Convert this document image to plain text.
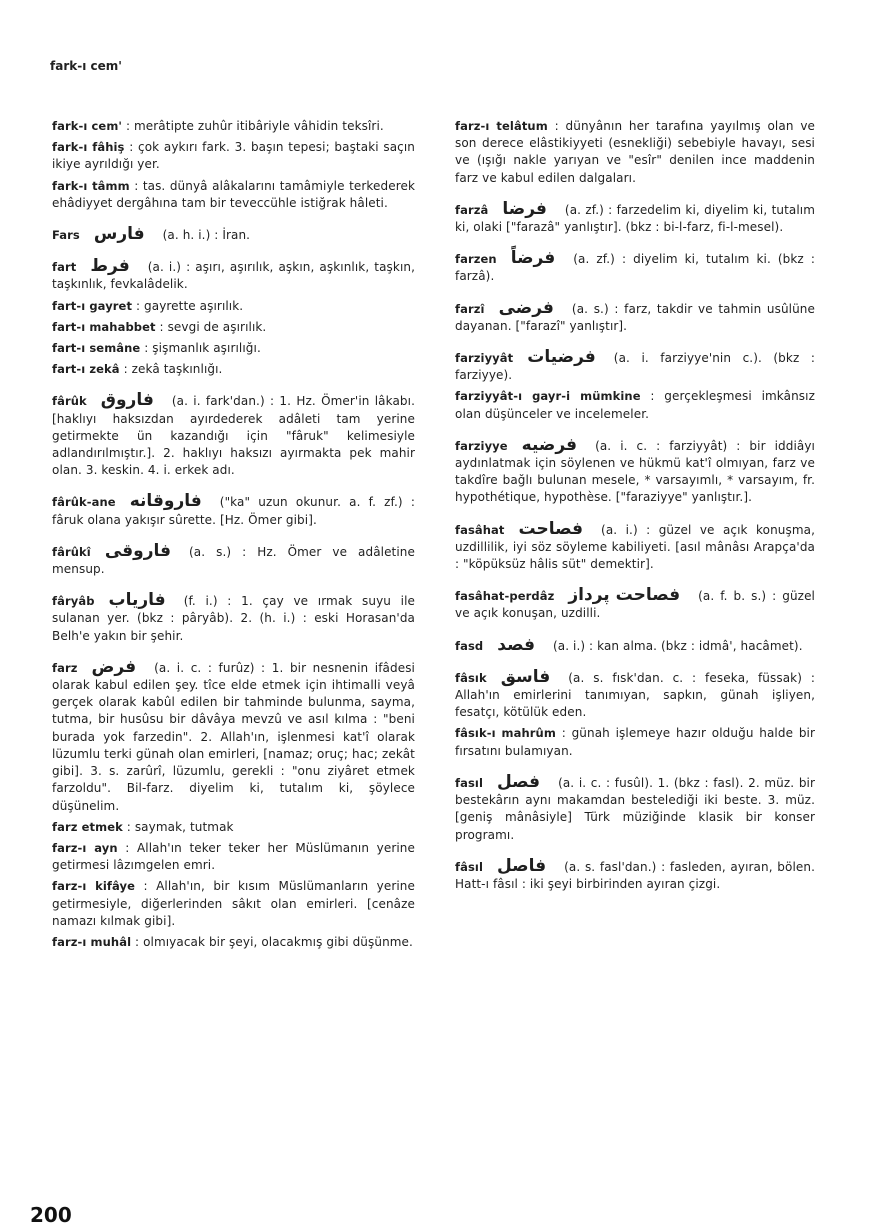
fark-ı cem'
fark-ı cem' : merâtipte zuhûr itibâriyle vâhidin teksîri.
fark-ı fâhiş : çok aykırı fark. 3. başın tepesi; baştaki saçın ikiye ayrıldığı yer.
fark-ı tâmm : tas. dünyâ alâkalarını tamâmiyle terkederek ehâdiyyet dergâhına tam bir teveccühle istiğrak hâleti.
Fars فارس (a. h. i.) : İran.
fart فرط (a. i.) : aşırı, aşırılık, aşkın, aşkınlık, taşkın, taşkınlık, fevkalâdelik.
fart-ı gayret : gayrette aşırılık.
fart-ı mahabbet : sevgi de aşırılık.
fart-ı semâne : şişmanlık aşırılığı.
fart-ı zekâ : zekâ taşkınlığı.
fârûk فاروق (a. i. fark'dan.) : 1. Hz. Ömer'in lâkabı. [haklıyı haksızdan ayırdederek adâleti tam yerine getirmekte ün kazandığı için "fâruk" kelimesiyle adlandırılmıştır.]. 2. haklıyı haksızı ayırmakta pek mahir olan. 3. keskin. 4. i. erkek adı.
fârûk-ane فاروقانه ("ka" uzun okunur. a. f. zf.) : fâruk olana yakışır sûrette. [Hz. Ömer gibi].
fârûkî فاروقى (a. s.) : Hz. Ömer ve adâletine mensup.
fâryâb فارياب (f. i.) : 1. çay ve ırmak suyu ile sulanan yer. (bkz : pâryâb). 2. (h. i.) : eski Horasan'da Belh'e yakın bir şehir.
farz فرض (a. i. c. : furûz) : 1. bir nesnenin ifâdesi olarak kabul edilen şey. tîce elde etmek için ihtimalli veyâ gerçek olarak kabûl edilen bir tahminde bulunma, sayma, tutma, bir husûsu bir dâvâya mevzû ve asıl kılma : "beni burada yok farzedin". 2. Allah'ın, işlenmesi kat'î olarak lüzumlu terki günah olan emirleri, [namaz; oruç; hac; zekât gibi]. 3. s. zarûrî, lüzumlu, gerekli : "onu ziyâret etmek farzoldu". Bil-farz. diyelim ki, tutalım ki, şöylece düşünelim.
farz etmek : saymak, tutmak
farz-ı ayn : Allah'ın teker teker her Müslümanın yerine getirmesi lâzımgelen emri.
farz-ı kifâye : Allah'ın, bir kısım Müslümanların yerine getirmesiyle, diğerlerinden sâkıt olan emirleri. [cenâze namazı kılmak gibi].
farz-ı muhâl : olmıyacak bir şeyi, olacakmış gibi düşünme.
farz-ı telâtum : dünyânın her tarafına yayılmış olan ve son derece elâstikiyyeti (esnekliği) sebebiyle havayı, sesi ve (ışığı nakle yarıyan ve "esîr" denilen ince maddenin farz ve kabul edilen dalgaları.
farzâ فرضا (a. zf.) : farzedelim ki, diyelim ki, tutalım ki, olaki ["farazâ" yanlıştır]. (bkz : bi-l-farz, fi-l-mesel).
farzen فرضاً (a. zf.) : diyelim ki, tutalım ki. (bkz : farzâ).
farzî فرضى (a. s.) : farz, takdir ve tahmin usûlüne dayanan. ["farazî" yanlıştır].
farziyyât فرضيات (a. i. farziyye'nin c.). (bkz : farziyye).
farziyyât-ı gayr-i mümkine : gerçekleşmesi imkânsız olan düşünceler ve incelemeler.
farziyye فرضيه (a. i. c. : farziyyât) : bir iddiâyı aydınlatmak için söylenen ve hükmü kat'î olmıyan, farz ve takdîre bağlı bulunan mesele, * varsayımlı, * varsayım, fr. hypothétique, hypothèse. ["faraziyye" yanlıştır.].
fasâhat فصاحت (a. i.) : güzel ve açık konuşma, uzdillilik, iyi söz söyleme kabiliyeti. [asıl mânâsı Arapça'da : "köpüksüz hâlis süt" demektir].
fasâhat-perdâz فصاحت پرداز (a. f. b. s.) : güzel ve açık konuşan, uzdilli.
fasd فصد (a. i.) : kan alma. (bkz : idmâ', hacâmet).
fâsık فاسق (a. s. fısk'dan. c. : fesekа, füssak) : Allah'ın emirlerini tanımıyan, sapkın, günah işliyen, fesatçı, kötülük eden.
fâsık-ı mahrûm : günah işlemeye hazır olduğu halde bir fırsatını bulamıyan.
fasıl فصل (a. i. c. : fusûl). 1. (bkz : fasl). 2. müz. bir bestekârın aynı makamdan bestelediği iki beste. 3. müz. [geniş mânâsiyle] Türk müziğinde klasik bir konser programı.
fâsıl فاصل (a. s. fasl'dan.) : fasleden, ayıran, bölen. Hatt-ı fâsıl : iki şeyi birbirinden ayıran çizgi.
200
